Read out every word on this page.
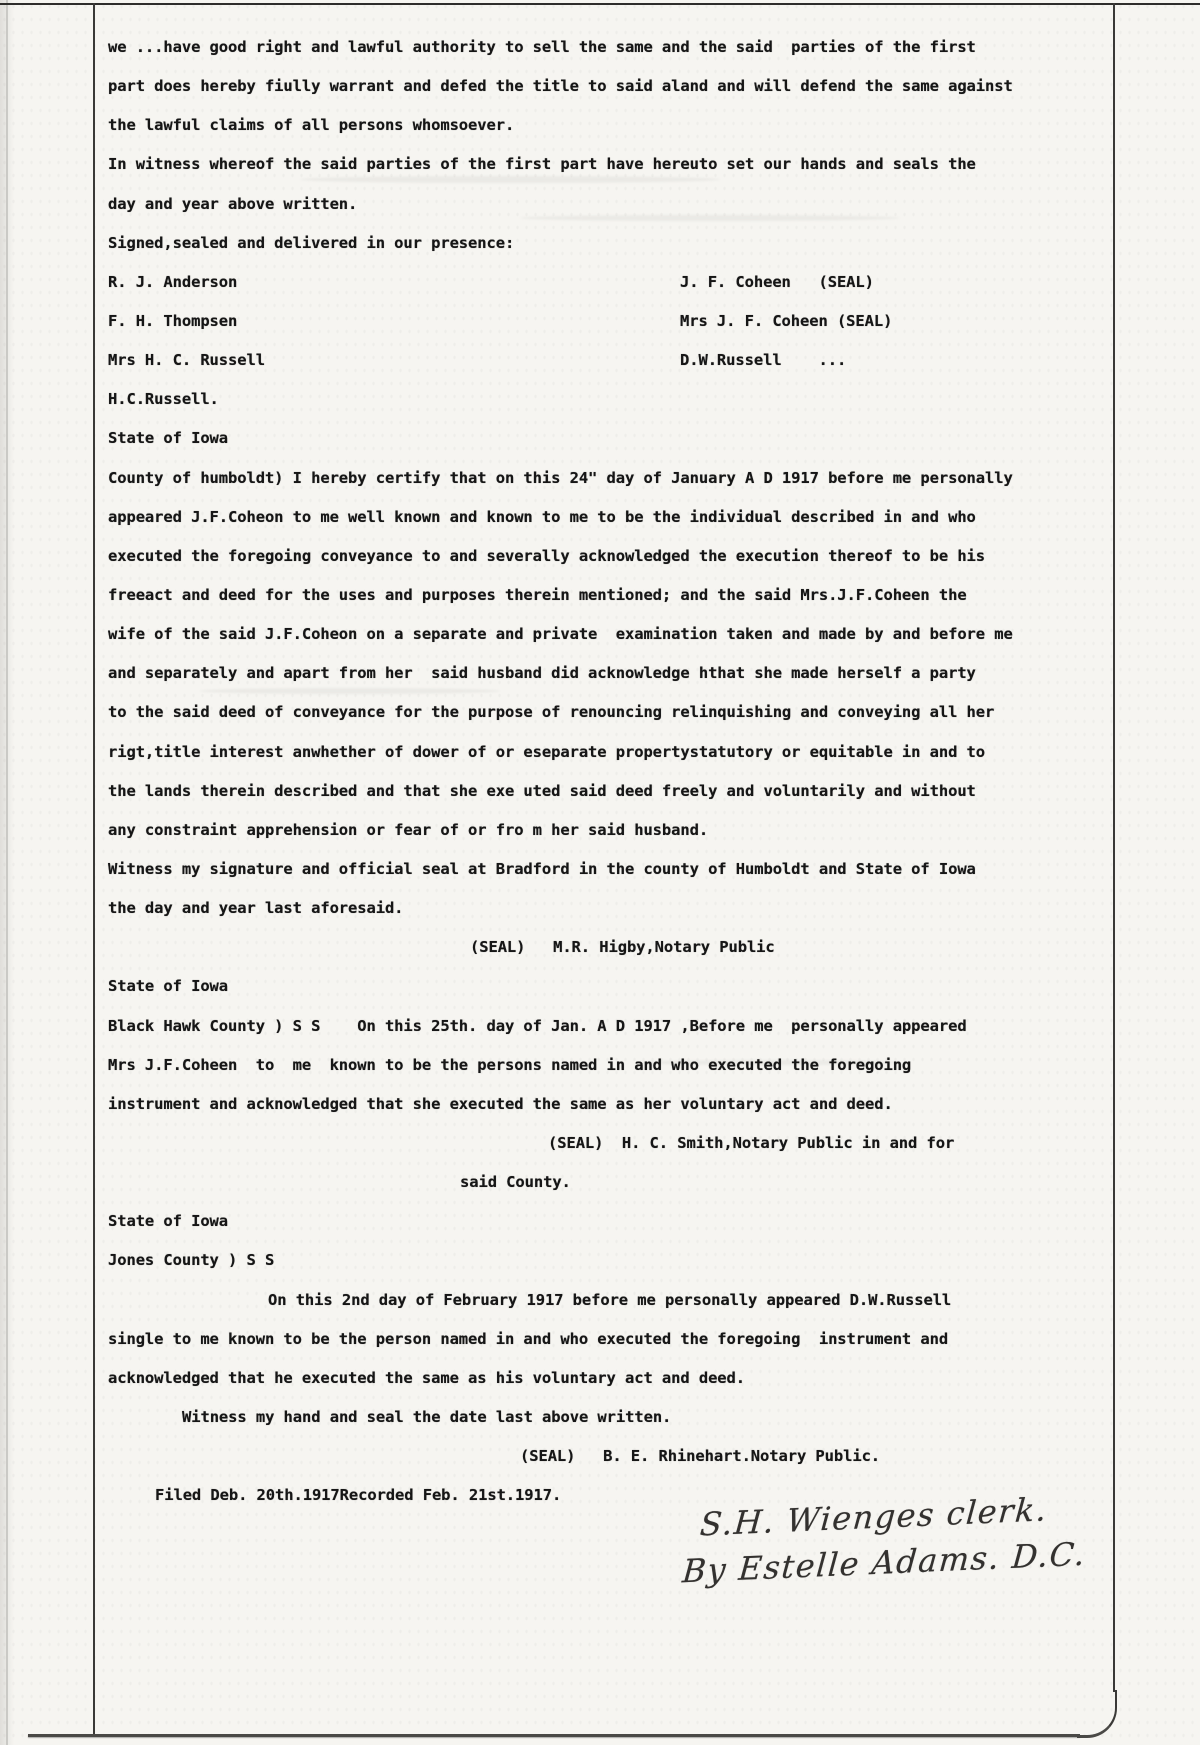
we ...have good right and lawful authority to sell the same and the said  parties of the first
part does hereby fiully warrant and defed the title to said aland and will defend the same against
the lawful claims of all persons whomsoever.
In witness whereof the said parties of the first part have hereuto set our hands and seals the
day and year above written.
Signed,sealed and delivered in our presence:
R. J. Anderson	J. F. Coheen   (SEAL)
F. H. Thompsen	Mrs J. F. Coheen (SEAL)
Mrs H. C. Russell	D.W.Russell    ...
H.C.Russell.
State of Iowa
County of humboldt) I hereby certify that on this 24" day of January A D 1917 before me personally
appeared J.F.Coheon to me well known and known to me to be the individual described in and who
executed the foregoing conveyance to and severally acknowledged the execution thereof to be his
freeact and deed for the uses and purposes therein mentioned; and the said Mrs.J.F.Coheen the
wife of the said J.F.Coheon on a separate and private  examination taken and made by and before me
and separately and apart from her  said husband did acknowledge hthat she made herself a party
to the said deed of conveyance for the purpose of renouncing relinquishing and conveying all her
rigt,title interest anwhether of dower of or eseparate propertystatutory or equitable in and to
the lands therein described and that she exe uted said deed freely and voluntarily and without
any constraint apprehension or fear of or fro m her said husband.
Witness my signature and official seal at Bradford in the county of Humboldt and State of Iowa
the day and year last aforesaid.
(SEAL)   M.R. Higby,Notary Public
State of Iowa
Black Hawk County ) S S    On this 25th. day of Jan. A D 1917 ,Before me  personally appeared
Mrs J.F.Coheen  to  me  known to be the persons named in and who executed the foregoing
instrument and acknowledged that she executed the same as her voluntary act and deed.
(SEAL)  H. C. Smith,Notary Public in and for
said County.
State of Iowa
Jones County ) S S
On this 2nd day of February 1917 before me personally appeared D.W.Russell
single to me known to be the person named in and who executed the foregoing  instrument and
acknowledged that he executed the same as his voluntary act and deed.
Witness my hand and seal the date last above written.
(SEAL)   B. E. Rhinehart.Notary Public.
Filed Deb. 20th.1917Recorded Feb. 21st.1917.	S.H. Wienges clerk.
By Estelle Adams. D.C.
